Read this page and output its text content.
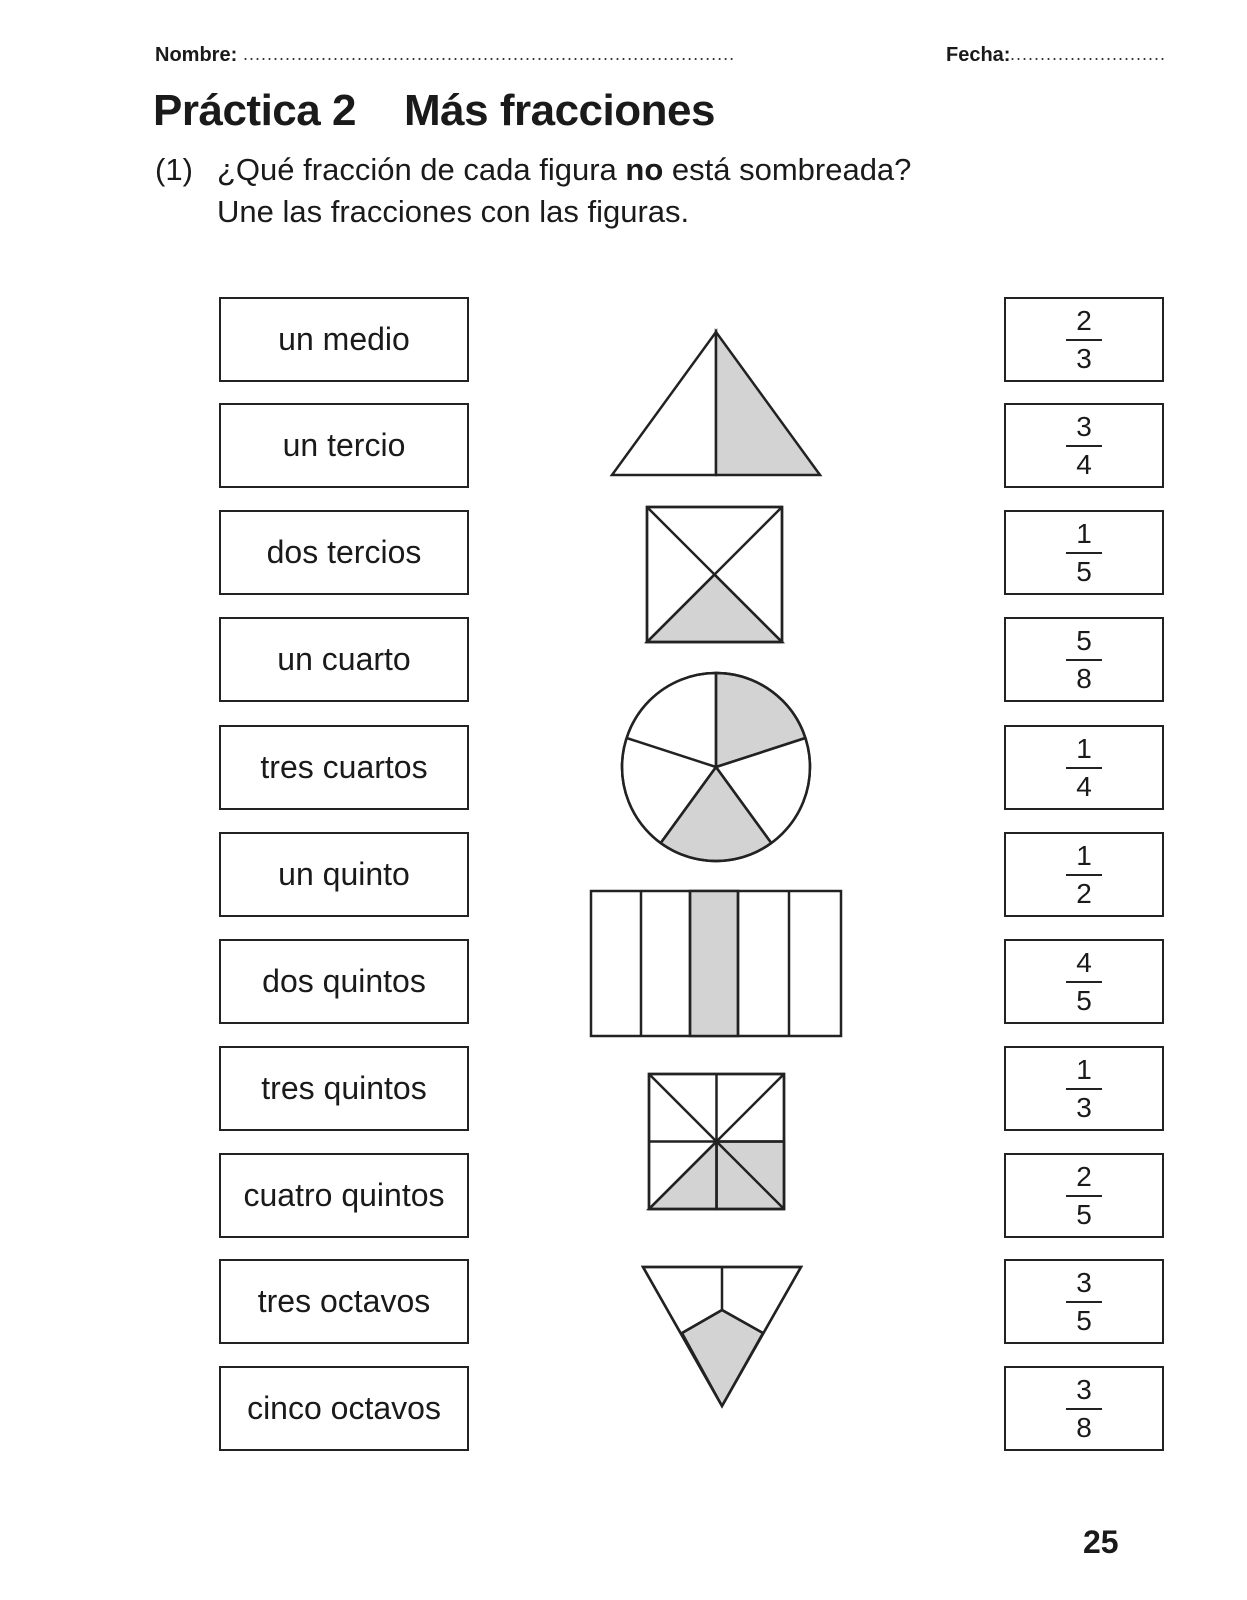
Nombre: ..................................................................................	Fecha: ..........................
Práctica 2 Más fracciones
(1) ¿Qué fracción de cada figura no está sombreada?
Une las fracciones con las figuras.
un medio
un tercio
dos tercios
un cuarto
tres cuartos
un quinto
dos quintos
tres quintos
cuatro quintos
tres octavos
cinco octavos
2
3
3
4
1
5
5
8
1
4
1
2
4
5
1
3
2
5
3
5
3
8
25
